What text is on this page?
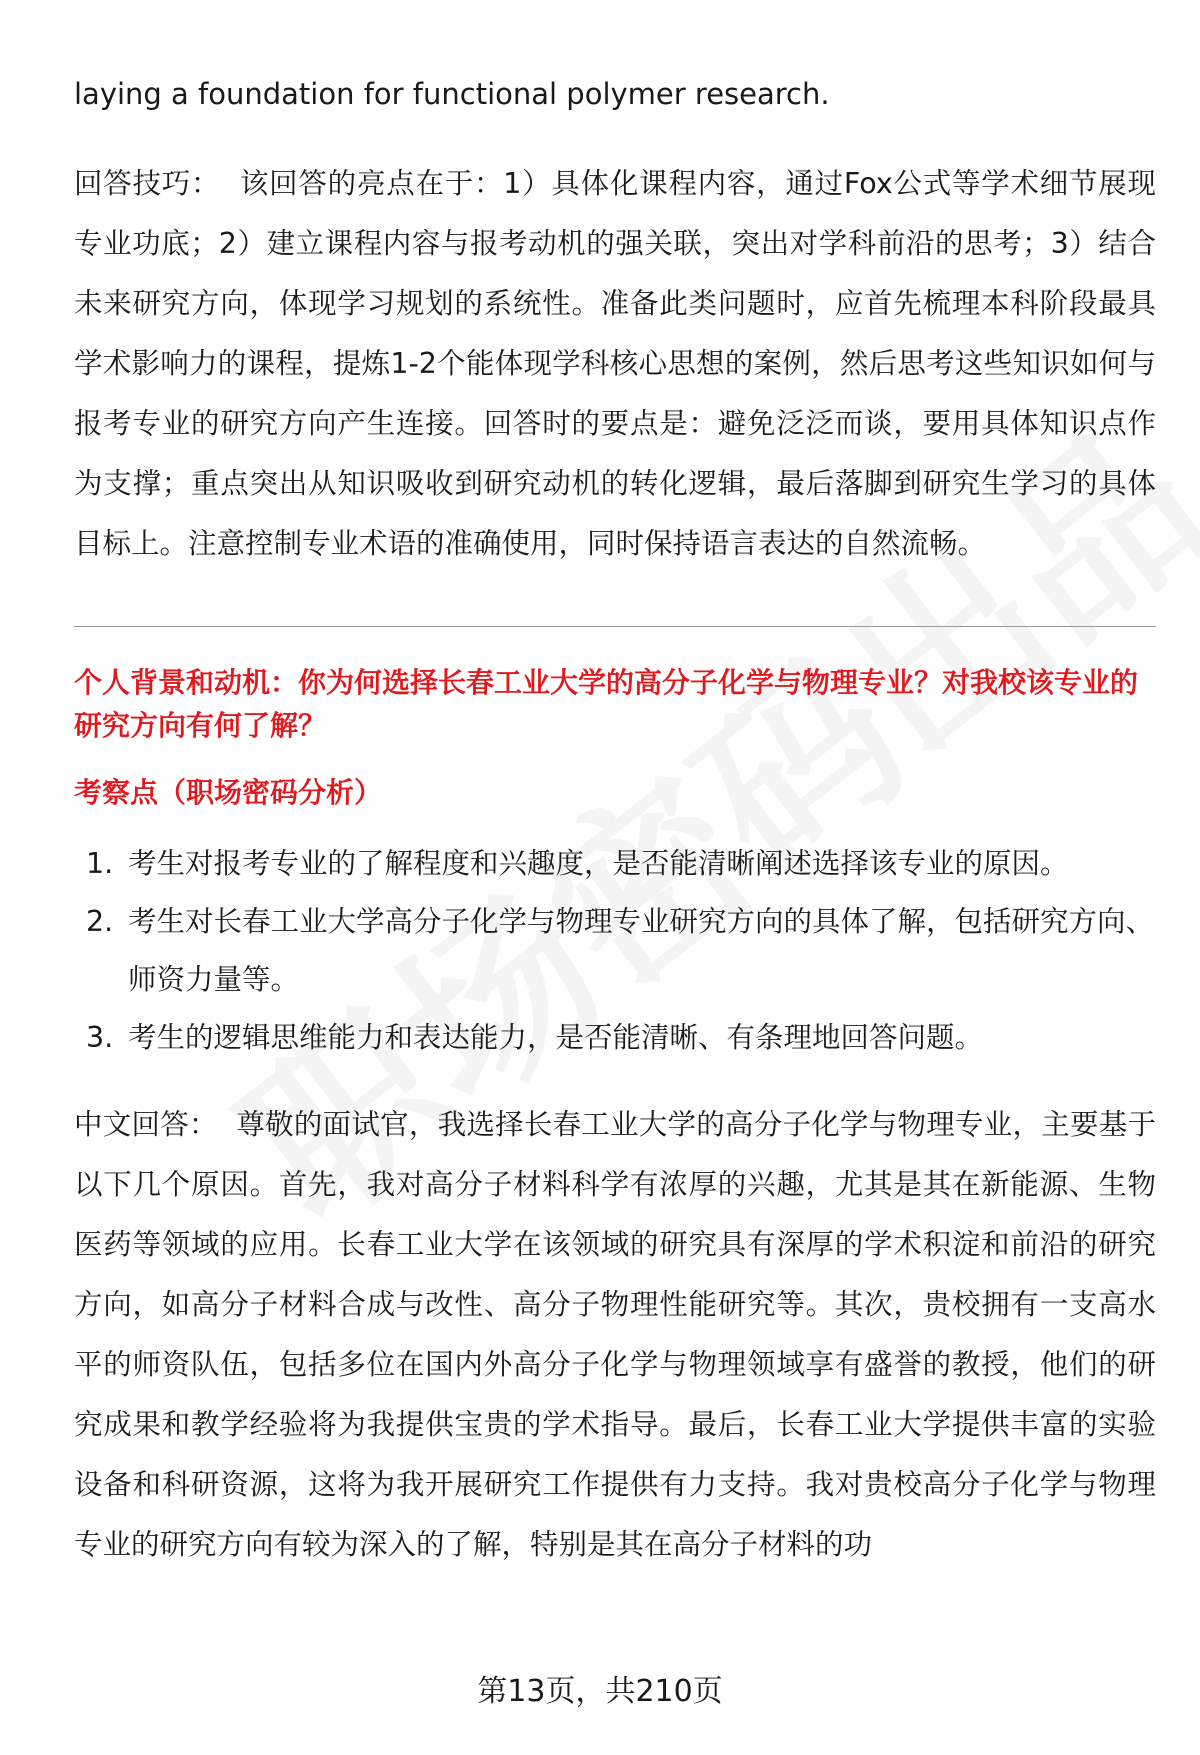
laying a foundation for functional polymer research.

回答技巧： 该回答的亮点在于：1）具体化课程内容，通过Fox公式等学术细节展现专业功底；2）建立课程内容与报考动机的强关联，突出对学科前沿的思考；3）结合未来研究方向，体现学习规划的系统性。准备此类问题时，应首先梳理本科阶段最具学术影响力的课程，提炼1-2个能体现学科核心思想的案例，然后思考这些知识如何与报考专业的研究方向产生连接。回答时的要点是：避免泛泛而谈，要用具体知识点作为支撑；重点突出从知识吸收到研究动机的转化逻辑，最后落脚到研究生学习的具体目标上。注意控制专业术语的准确使用，同时保持语言表达的自然流畅。

个人背景和动机：你为何选择长春工业大学的高分子化学与物理专业？对我校该专业的研究方向有何了解？

考察点（职场密码分析）

1. 考生对报考专业的了解程度和兴趣度，是否能清晰阐述选择该专业的原因。
2. 考生对长春工业大学高分子化学与物理专业研究方向的具体了解，包括研究方向、师资力量等。
3. 考生的逻辑思维能力和表达能力，是否能清晰、有条理地回答问题。

中文回答： 尊敬的面试官，我选择长春工业大学的高分子化学与物理专业，主要基于以下几个原因。首先，我对高分子材料科学有浓厚的兴趣，尤其是其在新能源、生物医药等领域的应用。长春工业大学在该领域的研究具有深厚的学术积淀和前沿的研究方向，如高分子材料合成与改性、高分子物理性能研究等。其次，贵校拥有一支高水平的师资队伍，包括多位在国内外高分子化学与物理领域享有盛誉的教授，他们的研究成果和教学经验将为我提供宝贵的学术指导。最后，长春工业大学提供丰富的实验设备和科研资源，这将为我开展研究工作提供有力支持。我对贵校高分子化学与物理专业的研究方向有较为深入的了解，特别是其在高分子材料的功

第13页，共210页
